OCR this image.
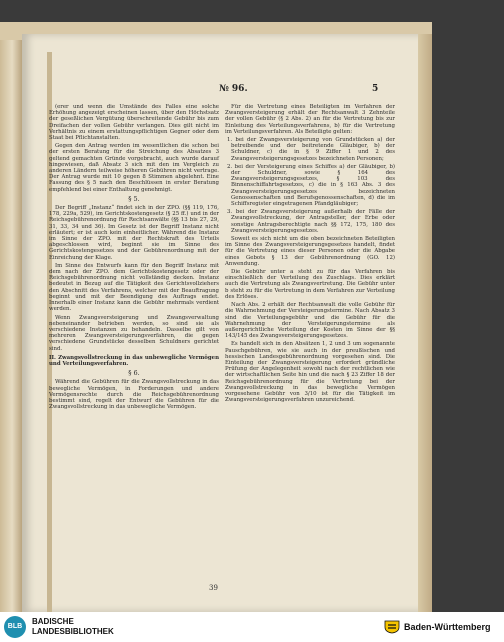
№ 96.	5

(erer und wenn die Umstände des Falles eine solche Erhöhung angezeigt erscheinen lassen, über den Höchstsatz der geseßlichen Vergütung überschreitende Gebühr bis zum Dreifachen der vollen Gebühr verlangen. Dies gilt nicht im Verhältnis zu einem erstattungspflichtigen Gegner oder dem Staat bei Pflichtanstalten.

Gegen den Antrag werden im wesentlichen die schon bei der ersten Beratung für die Streichung des Absatzes 3 geltend gemachten Gründe vorgebracht, auch wurde darauf hingewiesen, daß Absatz 3 sich mit den im Vergleich zu anderen Ländern teilweise höheren Gebühren nicht vertrage. Der Antrag wurde mit 10 gegen 8 Stimmen abgelehnt. Eine Fassung des § 5 nach den Beschlüssen in erster Beratung empfehlend bei einer Enthaltung genehmigt.

§ 5.

Der Begriff „Instanz“ findet sich in der ZPO. (§§ 119, 176, 178, 229a, 529), im Gerichtskostengesetz (§ 25 ff.) und in der Reichsgebührenordnung für Rechtsanwälte (§§ 13 bis 27, 29, 31, 33, 34 und 36). Im Gesetz ist der Begriff Instanz nicht erläutert; er ist auch kein einheitlicher. Während die Instanz im Sinne der ZPO. mit der Rechtskraft des Urteils abgeschlossen wird, beginnt sie im Sinne des Gerichtskostengesetzes und der Gebührenordnung mit der Einreichung der Klage.

Im Sinne des Entwurfs kann für den Begriff Instanz mit dem nach der ZPO. dem Gerichtskostengesetz oder der Reichsgebührenordnung nicht vollständig decken. Instanz bedeutet in Bezug auf die Tätigkeit des Gerichtsvollziehers den Abschnitt des Verfahrens, welcher mit der Beauftragung beginnt und mit der Beendigung des Auftrags endet. Innerhalb einer Instanz kann die Gebühr mehrmals verdient werden.

Wenn Zwangsversteigerung und Zwangsverwaltung nebeneinander betrieben werden, so sind sie als verschiedene Instanzen zu behandeln. Dasselbe gilt von mehreren Zwangsversteigerungsverfahren, die gegen verschiedene Grundstücke desselben Schuldners gerichtet sind.

II. Zwangsvollstreckung in das unbewegliche Vermögen und Verteilungsverfahren.

§ 6.

Während die Gebühren für die Zwangsvollstreckung in das bewegliche Vermögen, in Forderungen und andere Vermögensrechte durch die Reichsgebührenordnung bestimmt sind, regelt der Entwurf die Gebühren für die Zwangsvollstreckung in das unbewegliche Vermögen.

Für die Vertretung eines Beteiligten im Verfahren der Zwangsversteigerung erhält der Rechtsanwalt 3 Zehnteile der vollen Gebühr (§ 2 Abs. 2) an für die Vertretung bis zur Einleitung des Verteilungsverfahrens, b) für die Vertretung im Verteilungsverfahren. Als Beteiligte gelten:

1. bei der Zwangsversteigerung von Grundstücken a) der betreibende und der beitretende Gläubiger, b) der Schuldner, c) die in § 9 Ziffer 1 und 2 des Zwangsversteigerungsgesetzes bezeichneten Personen;

2. bei der Versteigerung eines Schiffes a) der Gläubiger, b) der Schuldner, sowie § 164 des Zwangsversteigerungsgesetzes, § 103 des Binnenschiffahrtsgesetzes, c) die in § 163 Abs. 3 des Zwangsversteigerungsgesetzes bezeichneten Genossenschaften und Berufsgenossenschaften, d) die im Schiffsregister eingetragenen Pfandgläubiger;

3. bei der Zwangsversteigerung außerhalb der Fälle der Zwangsvollstreckung, der Antragsteller, der Erbe oder sonstige Antragsberechtigte nach §§ 172, 175, 180 des Zwangsversteigerungsgesetzes.

Soweit es sich nicht um die oben bezeichneten Beteiligten im Sinne des Zwangsversteigerungsgesetzes handelt, findet für die Vertretung eines dieser Personen oder die Abgabe eines Gebots § 13 der Gebührenordnung (GO. 12) Anwendung.

Die Gebühr unter a steht zu für das Verfahren bis einschließlich der Verteilung des Zuschlags. Dies erklärt auch die Vertretung als Zwangsvertretung. Die Gebühr unter b steht zu für die Vertretung in dem Verfahren zur Verteilung des Erlöses.

Nach Abs. 2 erhält der Rechtsanwalt die volle Gebühr für die Wahrnehmung der Versteigerungstermine. Nach Absatz 3 sind die Verteilungsgebühr und die Gebühr für die Wahrnehmung der Versteigerungstermine als außergerichtliche Verteilung der Kosten im Sinne der §§ 143/145 des Zwangsversteigerungsgesetzes.

Es handelt sich in den Absätzen 1, 2 und 3 um sogenannte Pauschgebühren, wie sie auch in der preußischen und hessischen Landesgebührenordnung vorgesehen sind. Die Einteilung der Zwangsversteigerung erfordert gründliche Prüfung der Angelegenheit sowohl nach der rechtlichen wie der wirtschaftlichen Seite hin und die nach § 23 Ziffer 18 der Reichsgebührenordnung für die Vertretung bei der Zwangsvollstreckung in das bewegliche Vermögen vorgesehene Gebühr von 3/10 ist für die Tätigkeit im Zwangsversteigerungsverfahren unzureichend.

39
BLB
BADISCHE
LANDESBIBLIOTHEK	Baden-Württemberg
